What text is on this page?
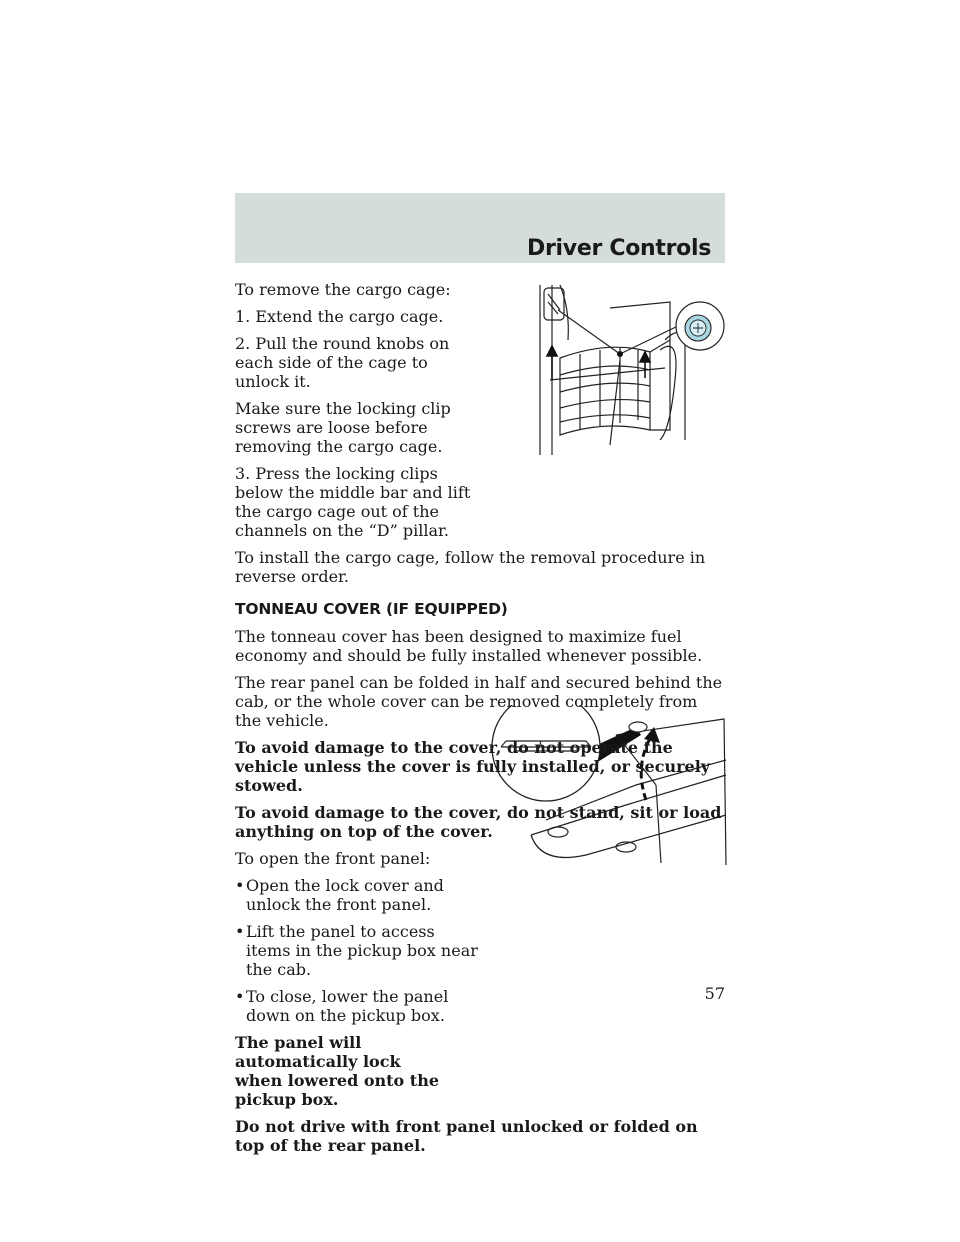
Driver Controls

To remove the cargo cage:

1. Extend the cargo cage.

2. Pull the round knobs on each side of the cage to unlock it.

Make sure the locking clip screws are loose before removing the cargo cage.

3. Press the locking clips below the middle bar and lift the cargo cage out of the channels on the “D” pillar.

To install the cargo cage, follow the removal procedure in reverse order.

TONNEAU COVER (IF EQUIPPED)

The tonneau cover has been designed to maximize fuel economy and should be fully installed whenever possible.

The rear panel can be folded in half and secured behind the cab, or the whole cover can be removed completely from the vehicle.

To avoid damage to the cover, do not operate the vehicle unless the cover is fully installed, or securely stowed.

To avoid damage to the cover, do not stand, sit or load anything on top of the cover.

To open the front panel:

• Open the lock cover and unlock the front panel.
• Lift the panel to access items in the pickup box near the cab.
• To close, lower the panel down on the pickup box.

The panel will automatically lock when lowered onto the pickup box.

Do not drive with front panel unlocked or folded on top of the rear panel.

57
